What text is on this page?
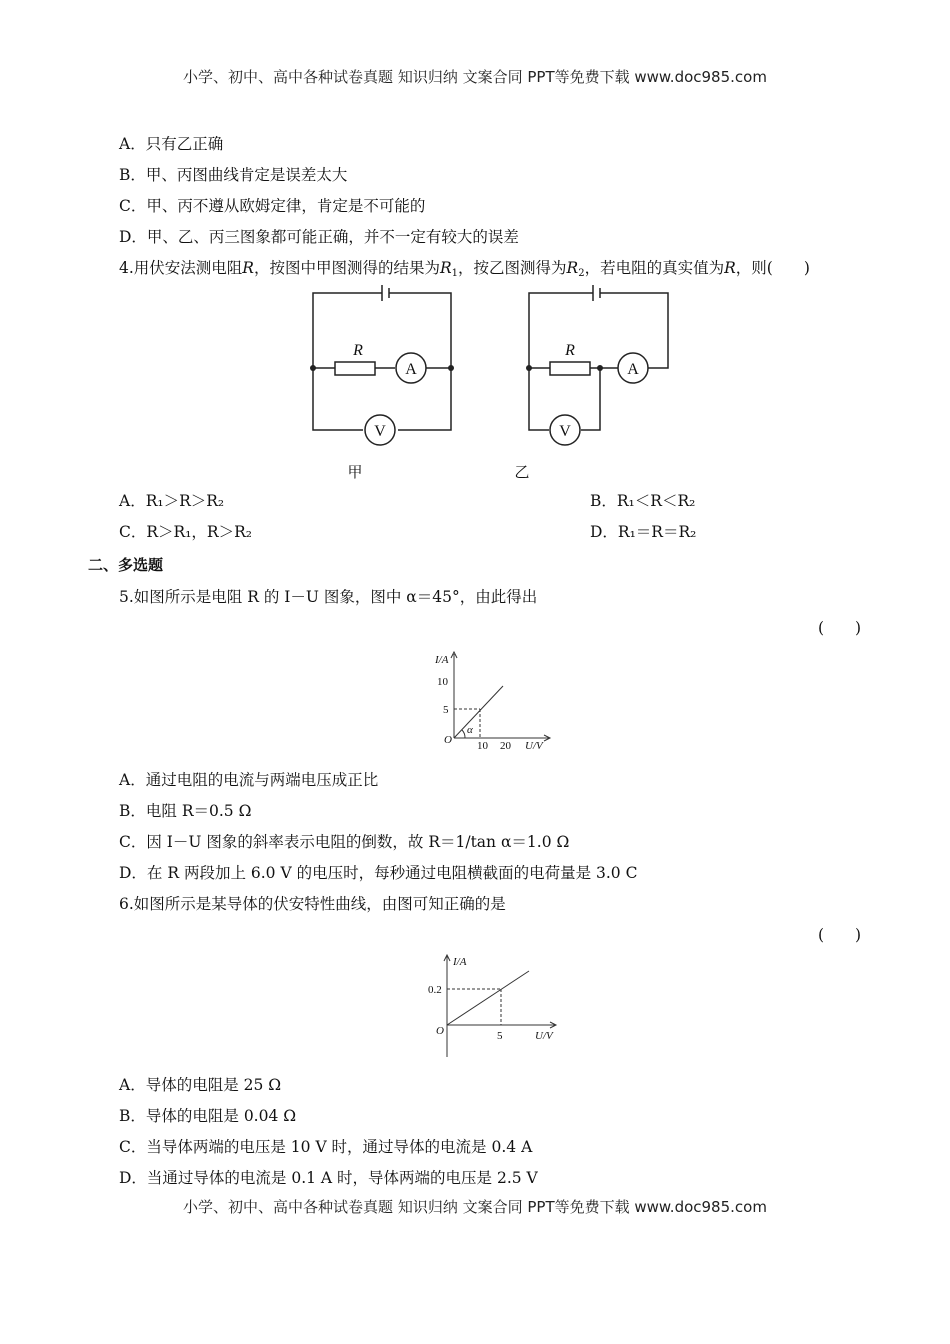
小学、初中、高中各种试卷真题 知识归纳 文案合同 PPT等免费下载 www.doc985.com
A．只有乙正确
B．甲、丙图曲线肯定是误差太大
C．甲、丙不遵从欧姆定律，肯定是不可能的
D．甲、乙、丙三图象都可能正确，并不一定有较大的误差
4.用伏安法测电阻R，按图中甲图测得的结果为$R_1$，按乙图测得为$R_2$，若电阻的真实值为R，则(　　)
R
A
V
R
A
V
甲	乙
A．R₁＞R＞R₂	B．R₁＜R＜R₂
C．R＞R₁，R＞R₂	D．R₁＝R＝R₂
二、多选题
5.如图所示是电阻 R 的 I－U 图象，图中 α＝45°，由此得出
(　　)
I/A
10
5
O
α
10 20 U/V
A．通过电阻的电流与两端电压成正比
B．电阻 R＝0.5 Ω
C．因 I－U 图象的斜率表示电阻的倒数，故 R＝1/tan α＝1.0 Ω
D．在 R 两段加上 6.0 V 的电压时，每秒通过电阻横截面的电荷量是 3.0 C
6.如图所示是某导体的伏安特性曲线，由图可知正确的是
(　　)
I/A
0.2
O	5	U/V
A．导体的电阻是 25 Ω
B．导体的电阻是 0.04 Ω
C．当导体两端的电压是 10 V 时，通过导体的电流是 0.4 A
D．当通过导体的电流是 0.1 A 时，导体两端的电压是 2.5 V
小学、初中、高中各种试卷真题 知识归纳 文案合同 PPT等免费下载 www.doc985.com
